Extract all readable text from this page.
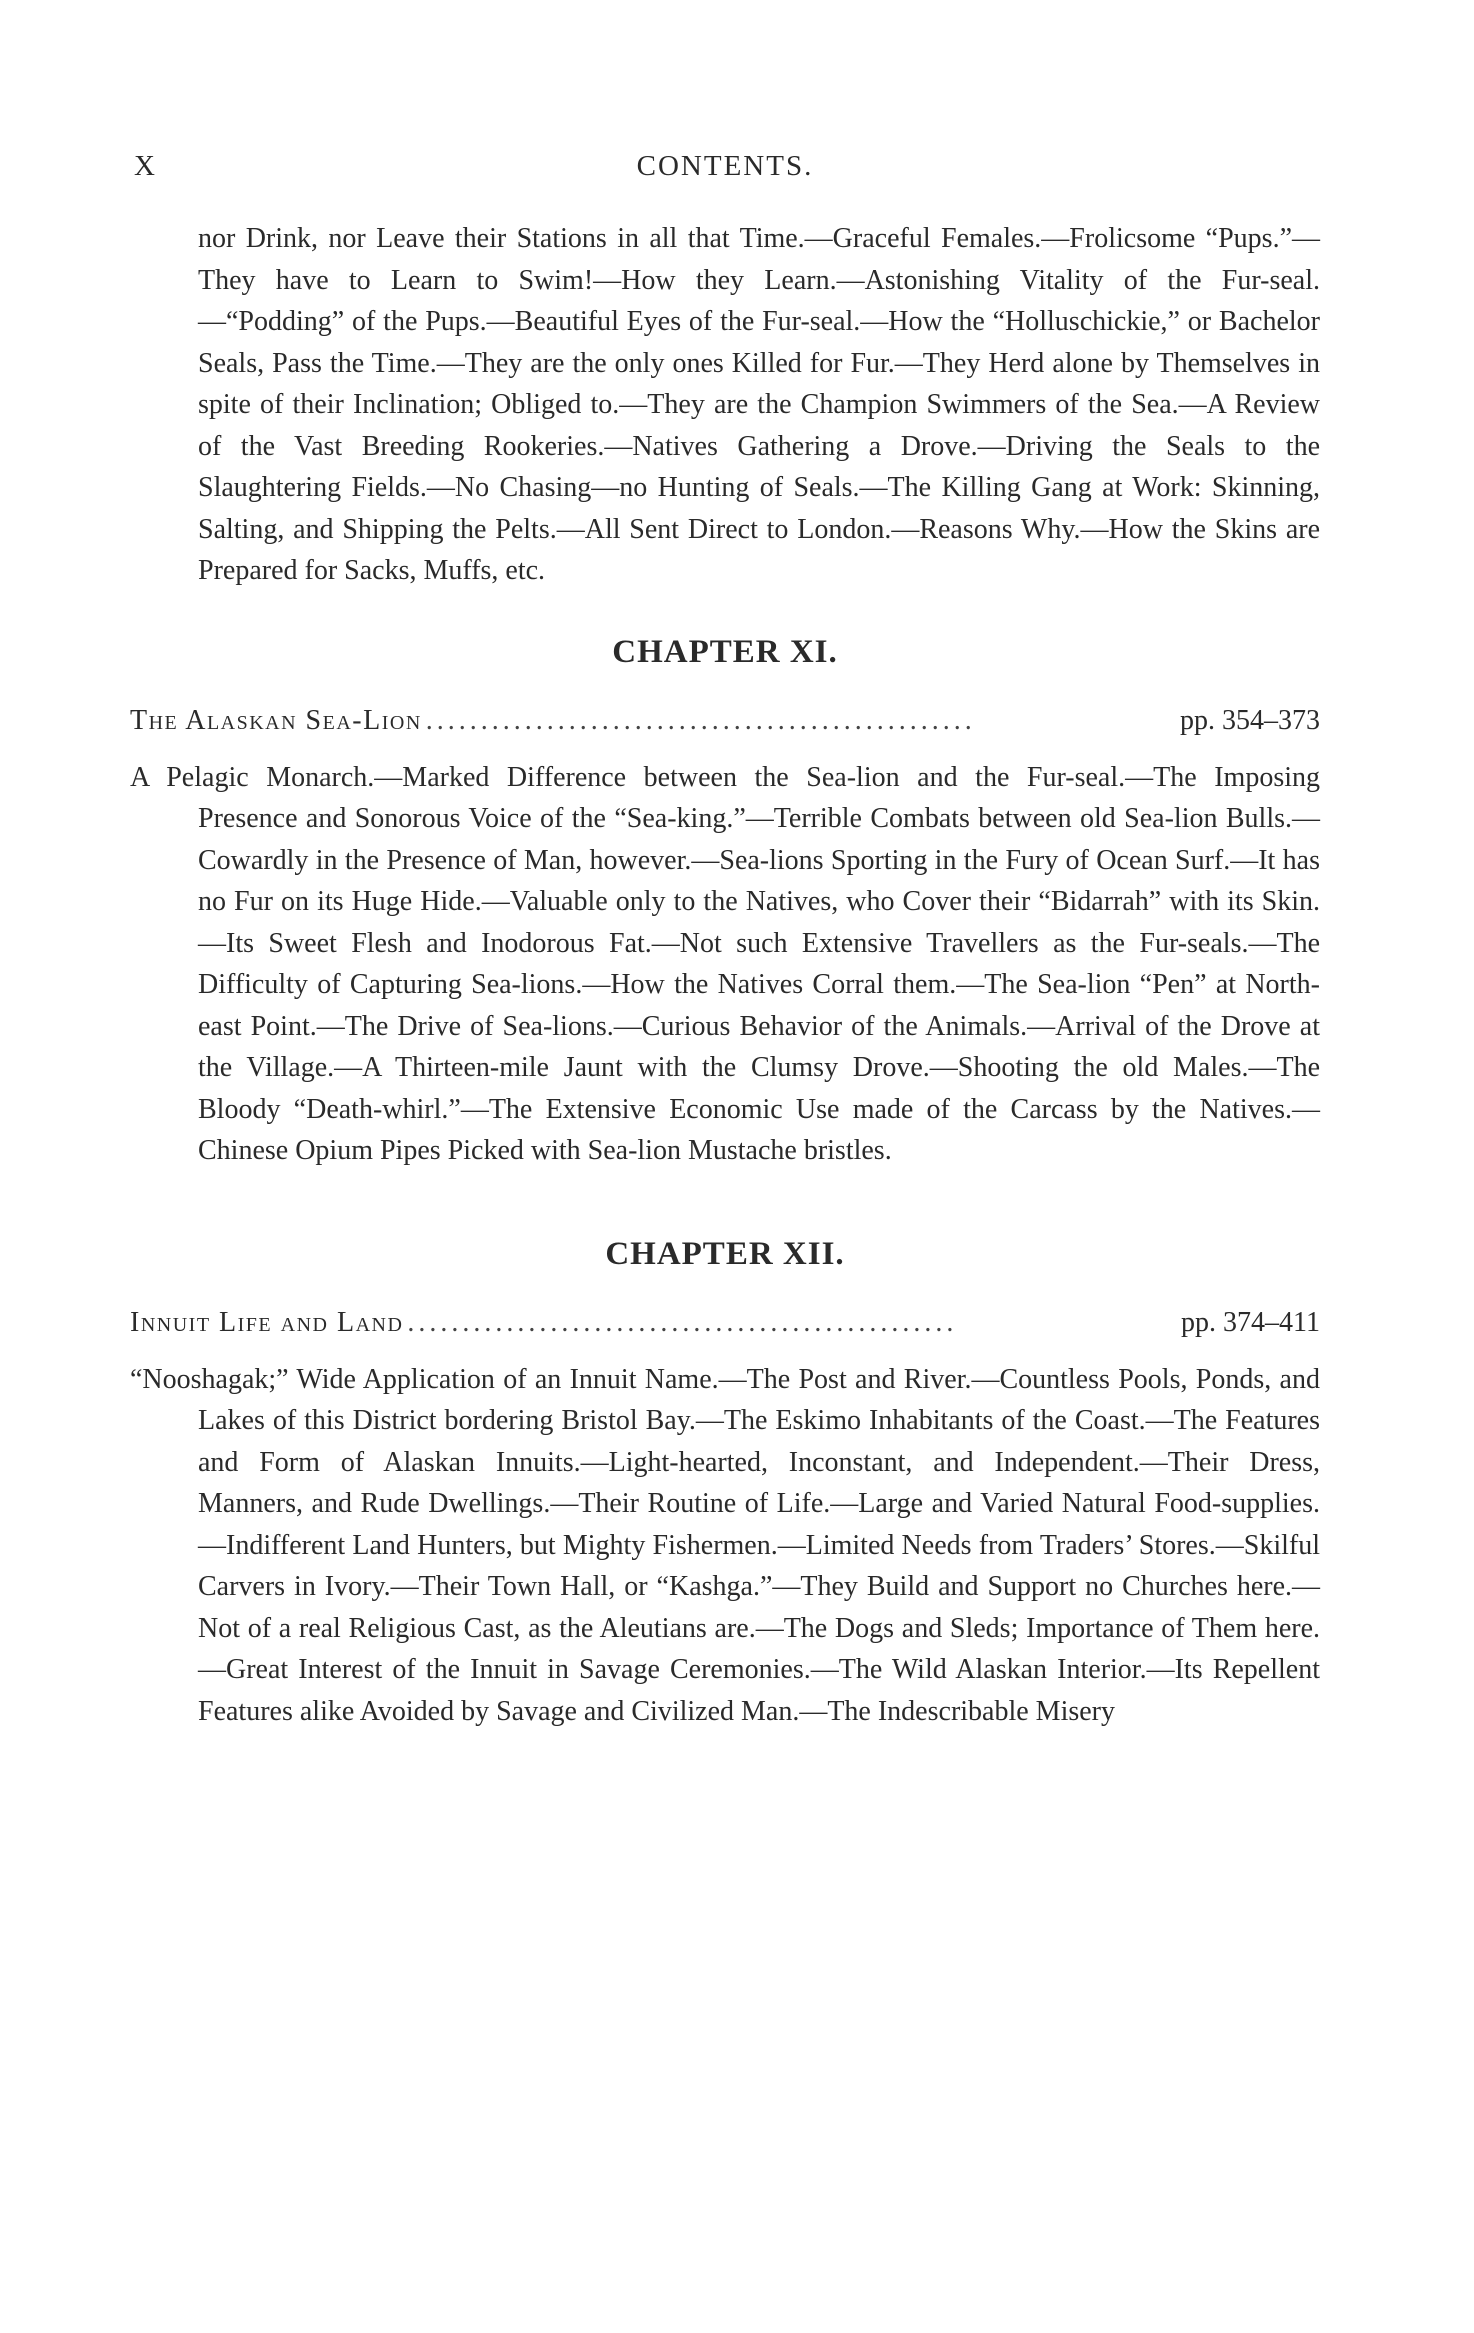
X	CONTENTS.

nor Drink, nor Leave their Stations in all that Time.—Graceful Females.—Frolicsome “Pups.”—They have to Learn to Swim!—How they Learn.—Astonishing Vitality of the Fur-seal.—“Podding” of the Pups.—Beautiful Eyes of the Fur-seal.—How the “Holluschickie,” or Bachelor Seals, Pass the Time.—They are the only ones Killed for Fur.—They Herd alone by Themselves in spite of their Inclination; Obliged to.—They are the Champion Swimmers of the Sea.—A Review of the Vast Breeding Rookeries.—Natives Gathering a Drove.—Driving the Seals to the Slaughtering Fields.—No Chasing—no Hunting of Seals.—The Killing Gang at Work: Skinning, Salting, and Shipping the Pelts.—All Sent Direct to London.—Reasons Why.—How the Skins are Prepared for Sacks, Muffs, etc.

CHAPTER XI.
The Alaskan Sea-Lion ..................................................	pp. 354–373

A Pelagic Monarch.—Marked Difference between the Sea-lion and the Fur-seal.—The Imposing Presence and Sonorous Voice of the “Sea-king.”—Terrible Combats between old Sea-lion Bulls.—Cowardly in the Presence of Man, however.—Sea-lions Sporting in the Fury of Ocean Surf.—It has no Fur on its Huge Hide.—Valuable only to the Natives, who Cover their “Bidarrah” with its Skin.—Its Sweet Flesh and Inodorous Fat.—Not such Extensive Travellers as the Fur-seals.—The Difficulty of Capturing Sea-lions.—How the Natives Corral them.—The Sea-lion “Pen” at North-east Point.—The Drive of Sea-lions.—Curious Behavior of the Animals.—Arrival of the Drove at the Village.—A Thirteen-mile Jaunt with the Clumsy Drove.—Shooting the old Males.—The Bloody “Death-whirl.”—The Extensive Economic Use made of the Carcass by the Natives.—Chinese Opium Pipes Picked with Sea-lion Mustache bristles.

CHAPTER XII.
Innuit Life and Land ..................................................	pp. 374–411

“Nooshagak;” Wide Application of an Innuit Name.—The Post and River.—Countless Pools, Ponds, and Lakes of this District bordering Bristol Bay.—The Eskimo Inhabitants of the Coast.—The Features and Form of Alaskan Innuits.—Light-hearted, Inconstant, and Independent.—Their Dress, Manners, and Rude Dwellings.—Their Routine of Life.—Large and Varied Natural Food-supplies.—Indifferent Land Hunters, but Mighty Fishermen.—Limited Needs from Traders’ Stores.—Skilful Carvers in Ivory.—Their Town Hall, or “Kashga.”—They Build and Support no Churches here.—Not of a real Religious Cast, as the Aleutians are.—The Dogs and Sleds; Importance of Them here.—Great Interest of the Innuit in Savage Ceremonies.—The Wild Alaskan Interior.—Its Repellent Features alike Avoided by Savage and Civilized Man.—The Indescribable Misery
